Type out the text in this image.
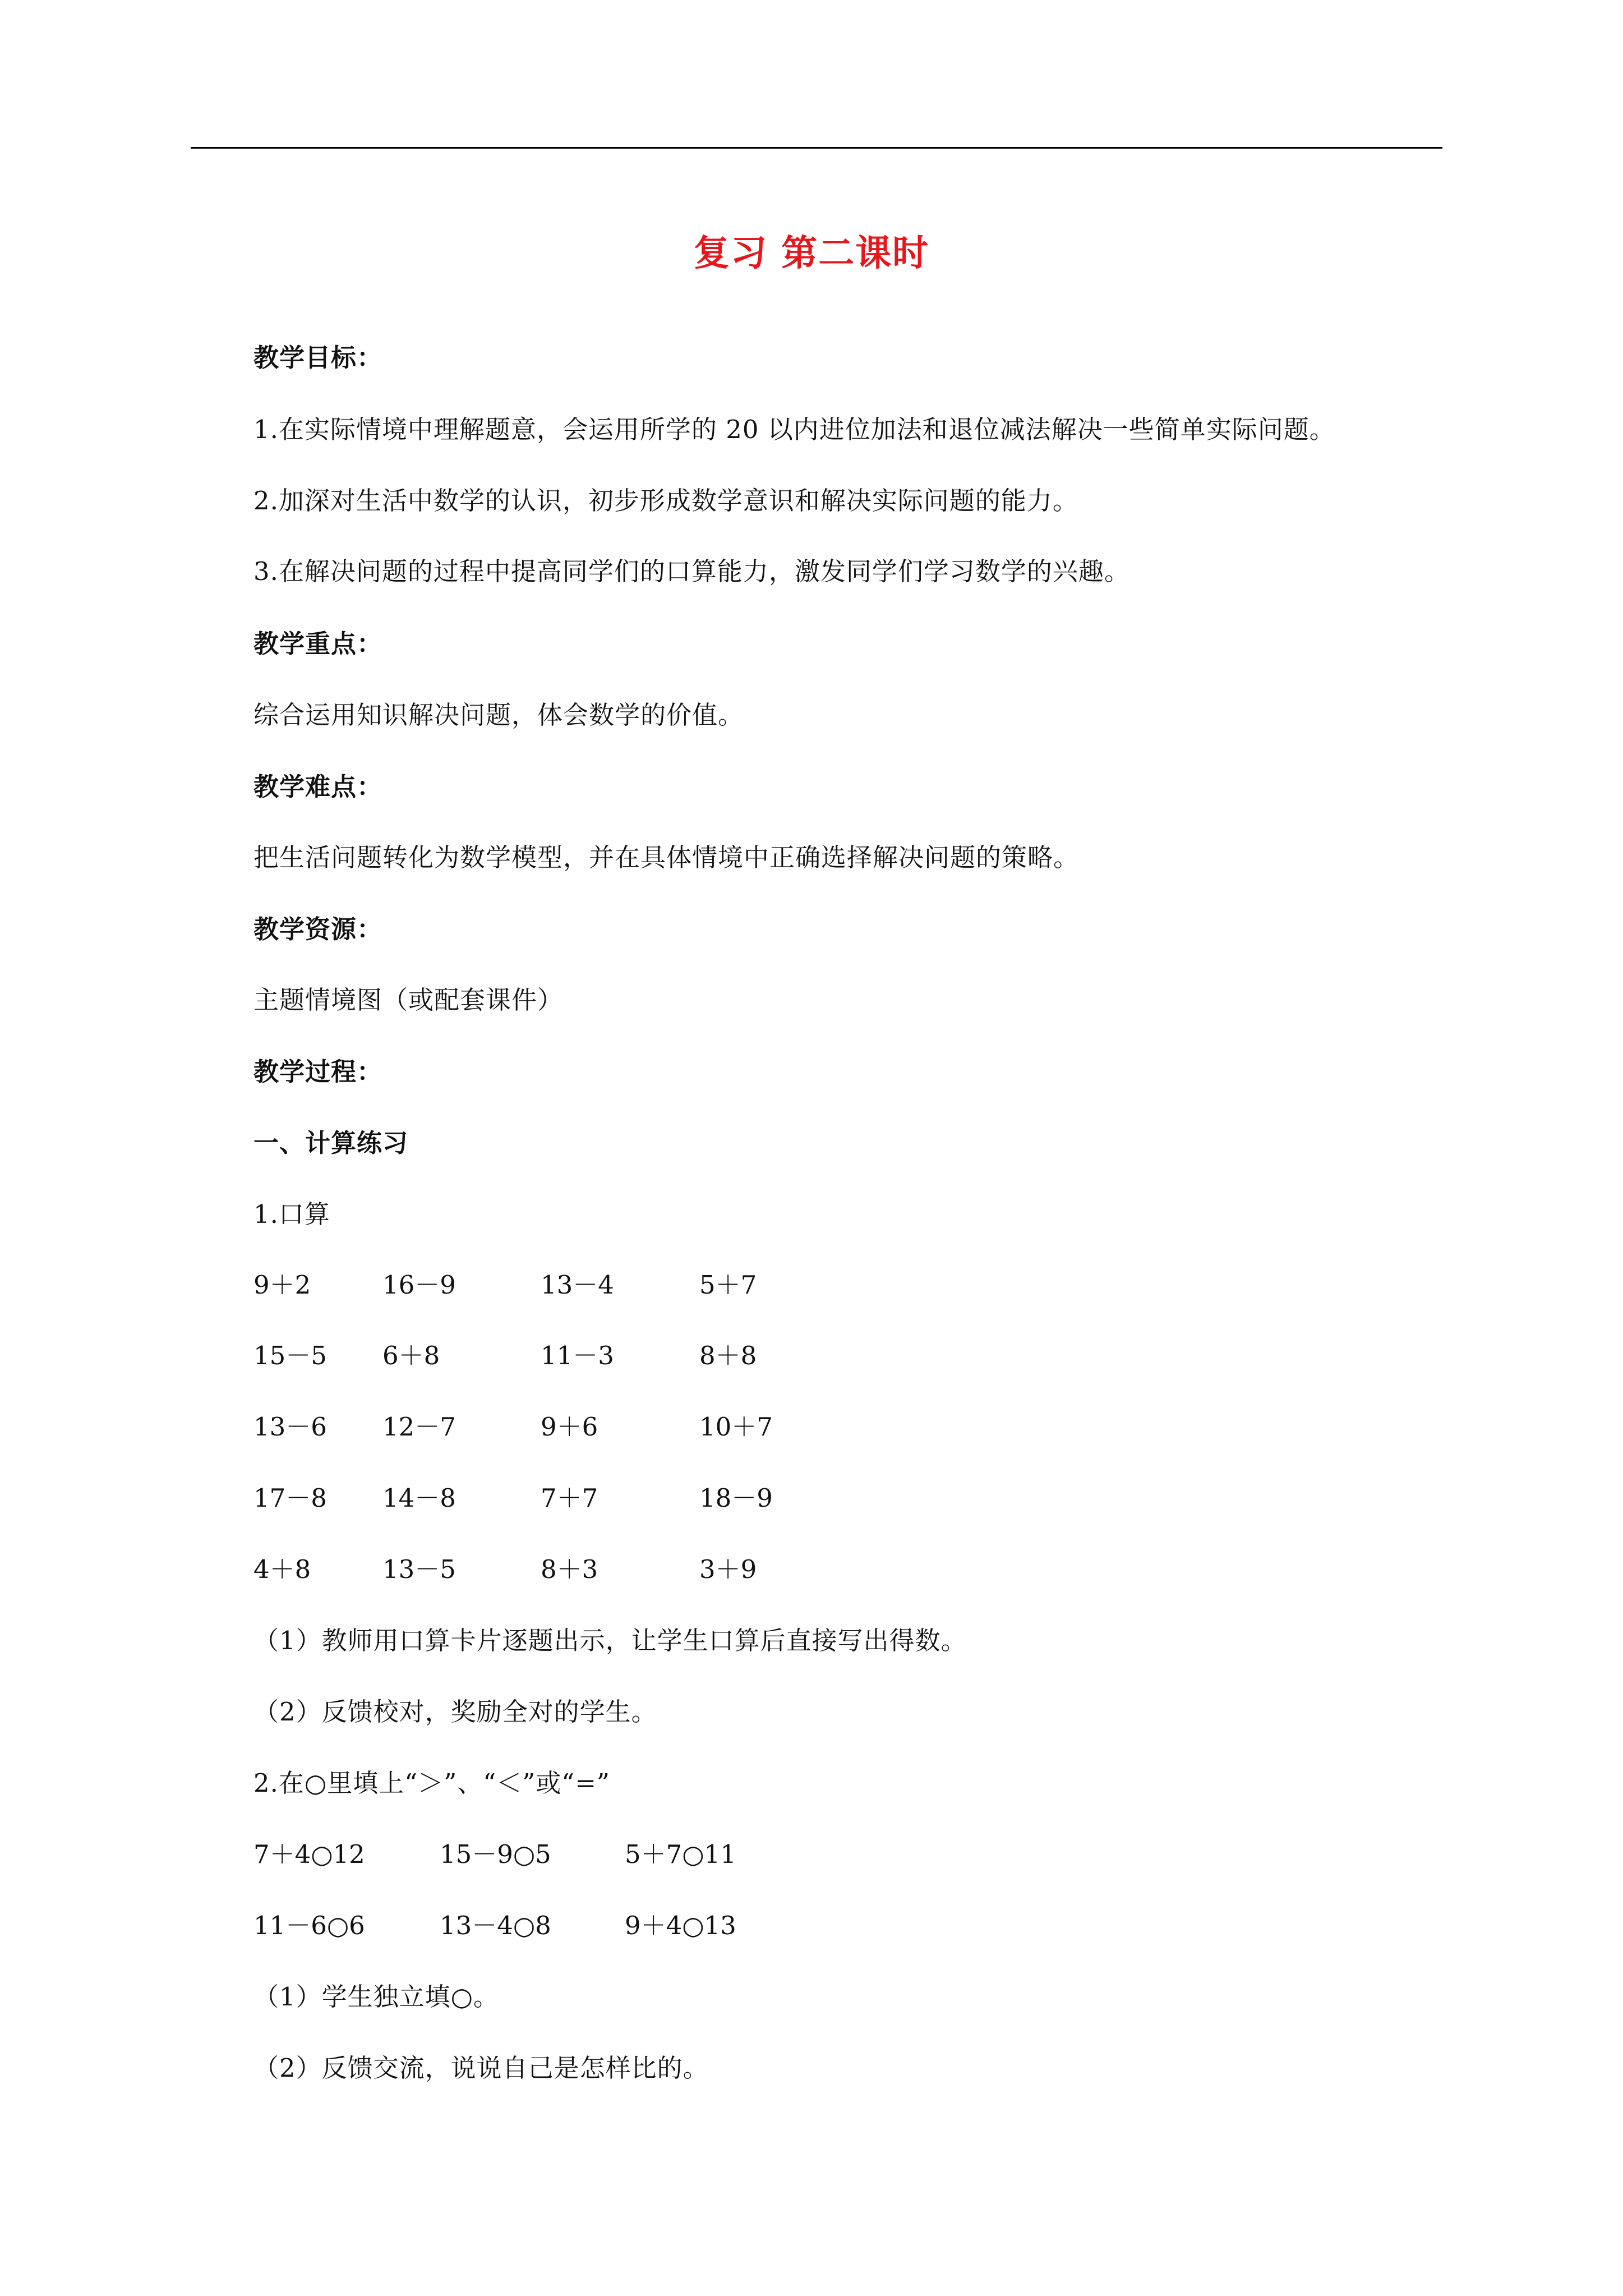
复习 第二课时
教学目标：
1.在实际情境中理解题意，会运用所学的 20 以内进位加法和退位减法解决一些简单实际问题。
2.加深对生活中数学的认识，初步形成数学意识和解决实际问题的能力。
3.在解决问题的过程中提高同学们的口算能力，激发同学们学习数学的兴趣。
教学重点：
综合运用知识解决问题，体会数学的价值。
教学难点：
把生活问题转化为数学模型，并在具体情境中正确选择解决问题的策略。
教学资源：
主题情境图（或配套课件）
教学过程：
一、计算练习
1.口算
9＋2	16－9	13－4	5＋7
15－5 6＋8	11－3	8＋8
13－6 12－7	9＋6	10＋7
17－8 14－8	7＋7	18－9
4＋8	13－5	8＋3	3＋9
（1）教师用口算卡片逐题出示，让学生口算后直接写出得数。
（2）反馈校对，奖励全对的学生。
2.在○里填上“＞”、“＜”或“=”
7＋4○12	15－9○5	5＋7○11
11－6○6	13－4○8	9＋4○13
（1）学生独立填○。
（2）反馈交流，说说自己是怎样比的。
